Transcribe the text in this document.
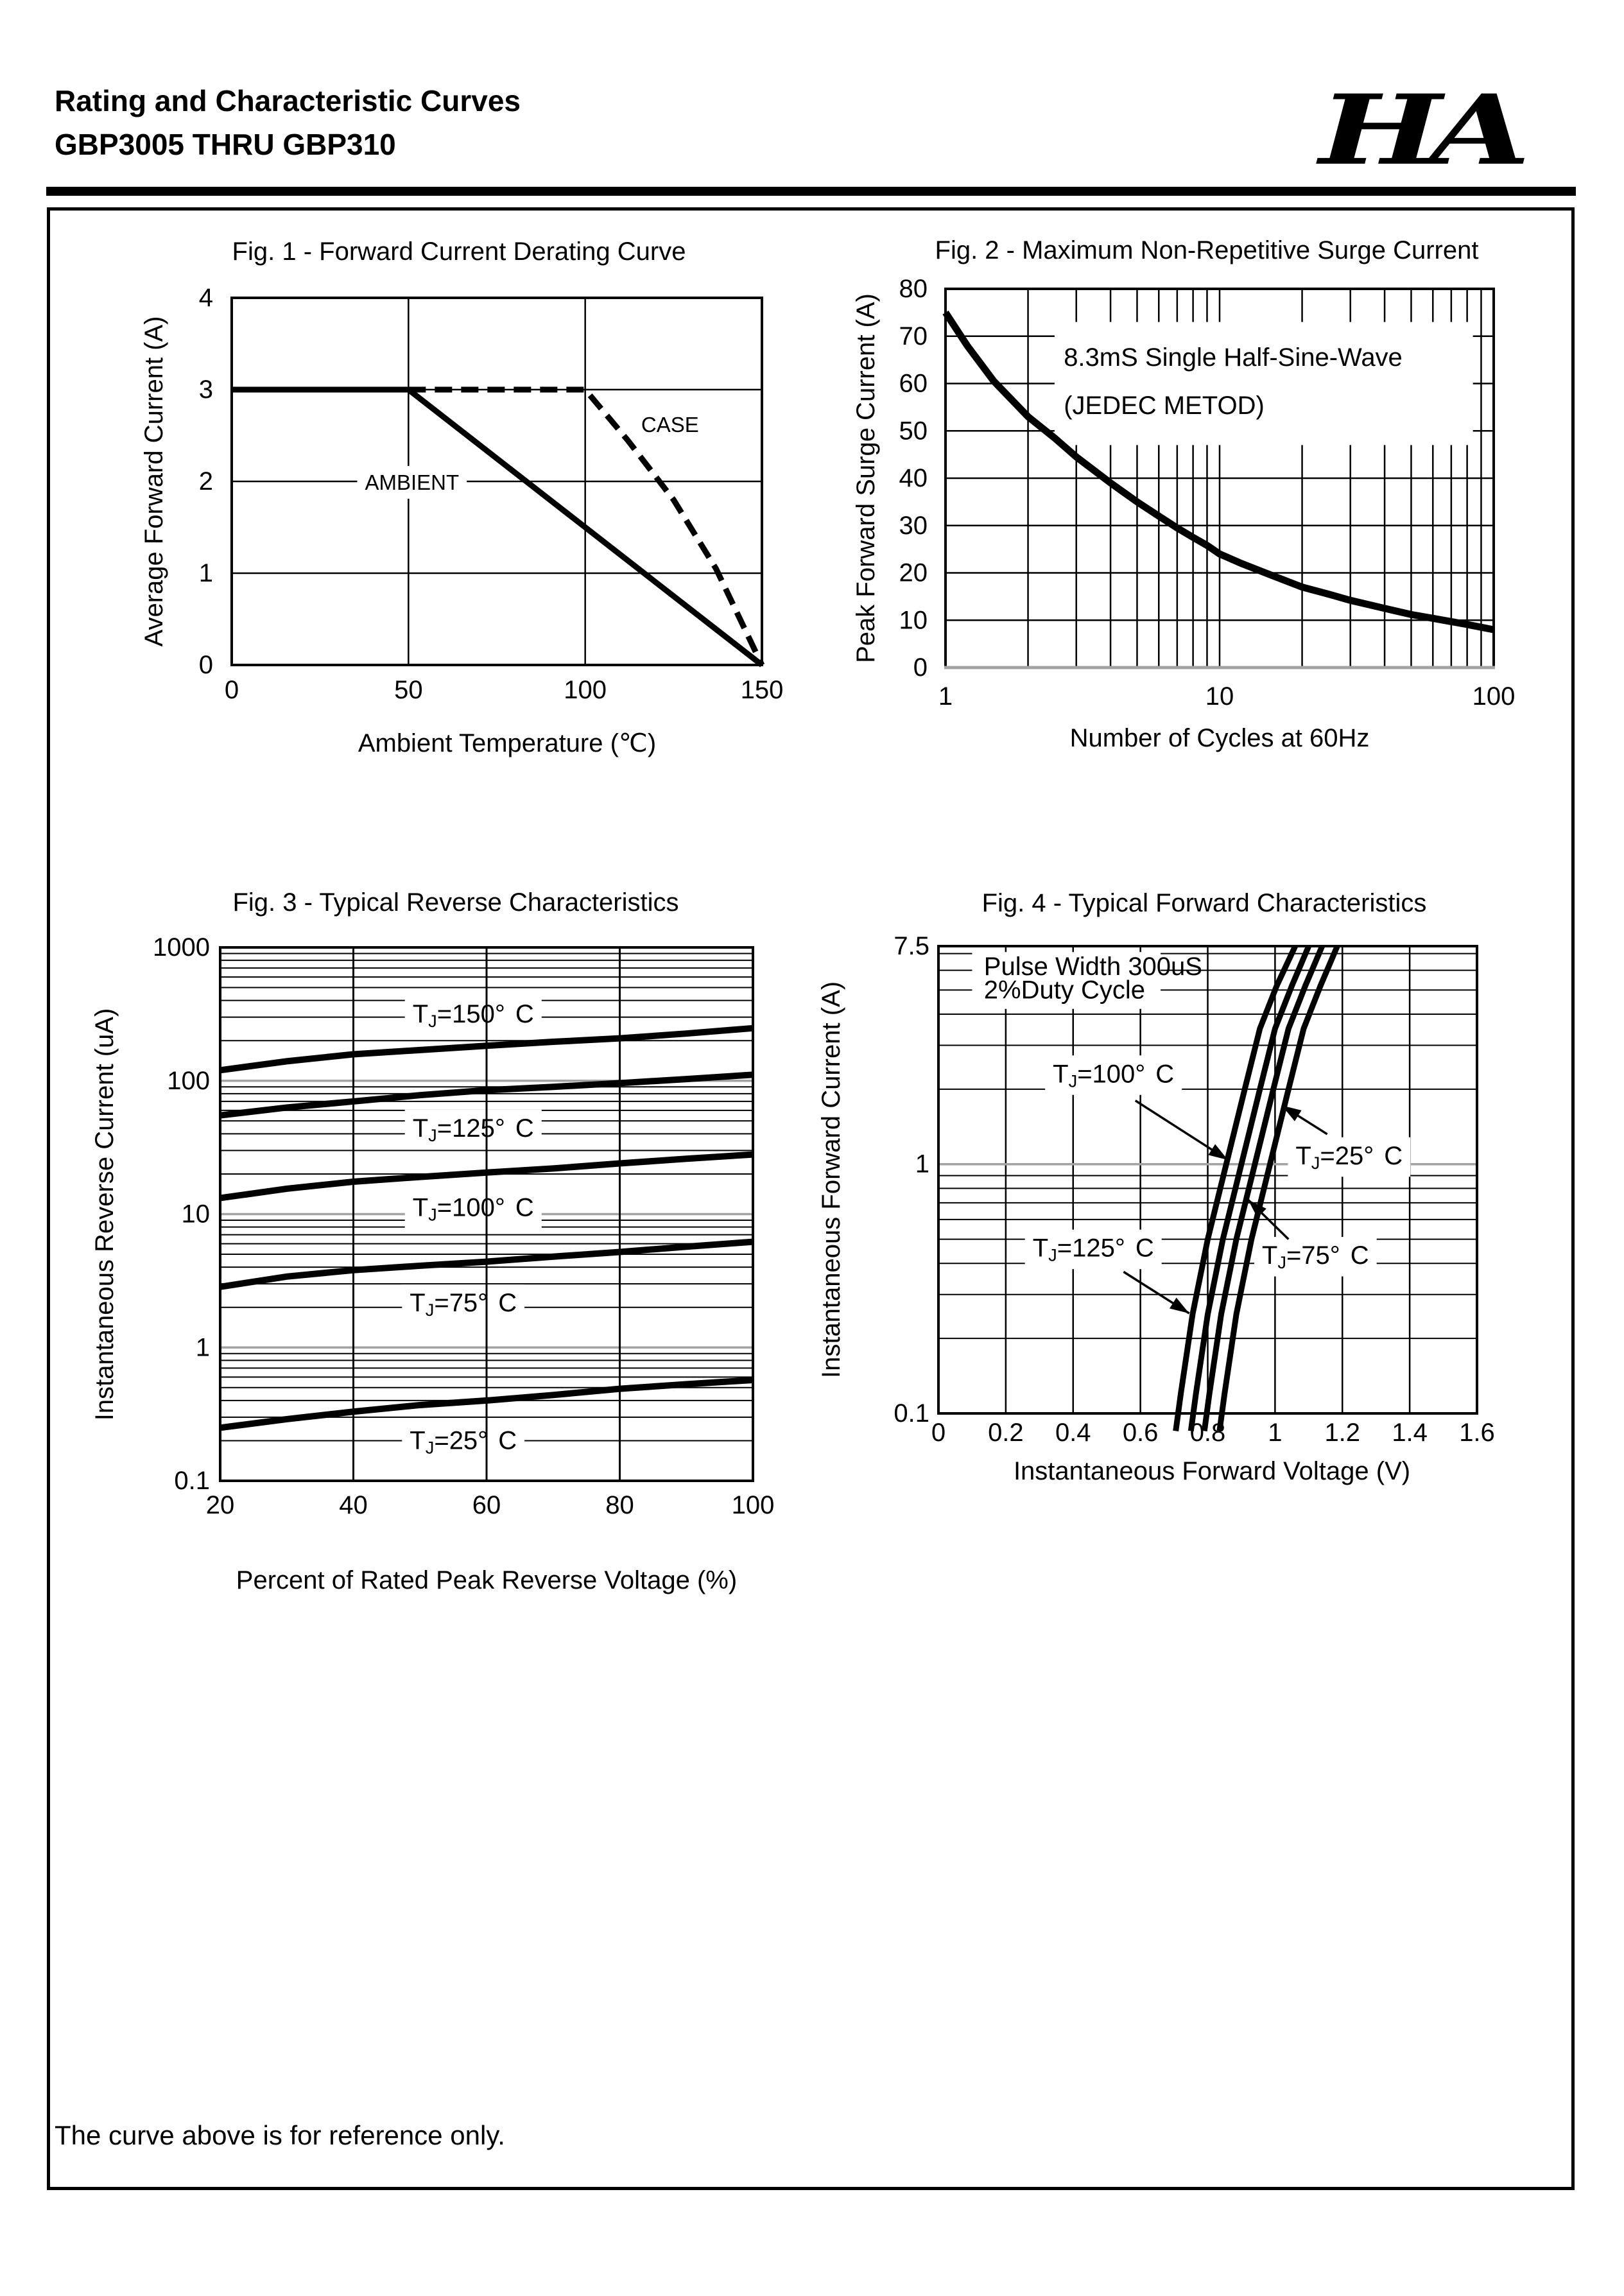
Rating and Characteristic Curves
GBP3005 THRU GBP310	HA
AMBIENT
CASE
0	50	100	150
0
1
2
3
4
Fig. 1 - Forward Current Derating Curve
Ambient Temperature (℃)
Average Forward Current (A)	8.3mS Single Half-Sine-Wave
(JEDEC METOD)
1	10	100
0
10
20
30
40
50
60
70
80
Fig. 2 - Maximum Non-Repetitive Surge Current
Number of Cycles at 60Hz
Peak Forward Surge Current (A)
$T_J=150^\circ$ C
$T_J=125^\circ$ C
$T_J=100^\circ$ C
$T_J=75^\circ$ C
$T_J=25^\circ$ C
20	40	60	80	100
1000
100
10
1
0.1
Fig. 3 - Typical Reverse Characteristics
Percent of Rated Peak Reverse Voltage (%)
Instantaneous Reverse Current (uA)
Pulse Width 300uS
2%Duty Cycle
$T_J=100^\circ$ C
$T_J=25^\circ$ C
$T_J=125^\circ$ C	$T_J=75^\circ$ C
0 0.2 0.4 0.6 0.8 1 1.2 1.4 1.6
7.5
1
0.1
Fig. 4 - Typical Forward Characteristics
Instantaneous Forward Voltage (V)
Instantaneous Forward Current (A)
The curve above is for reference only.
